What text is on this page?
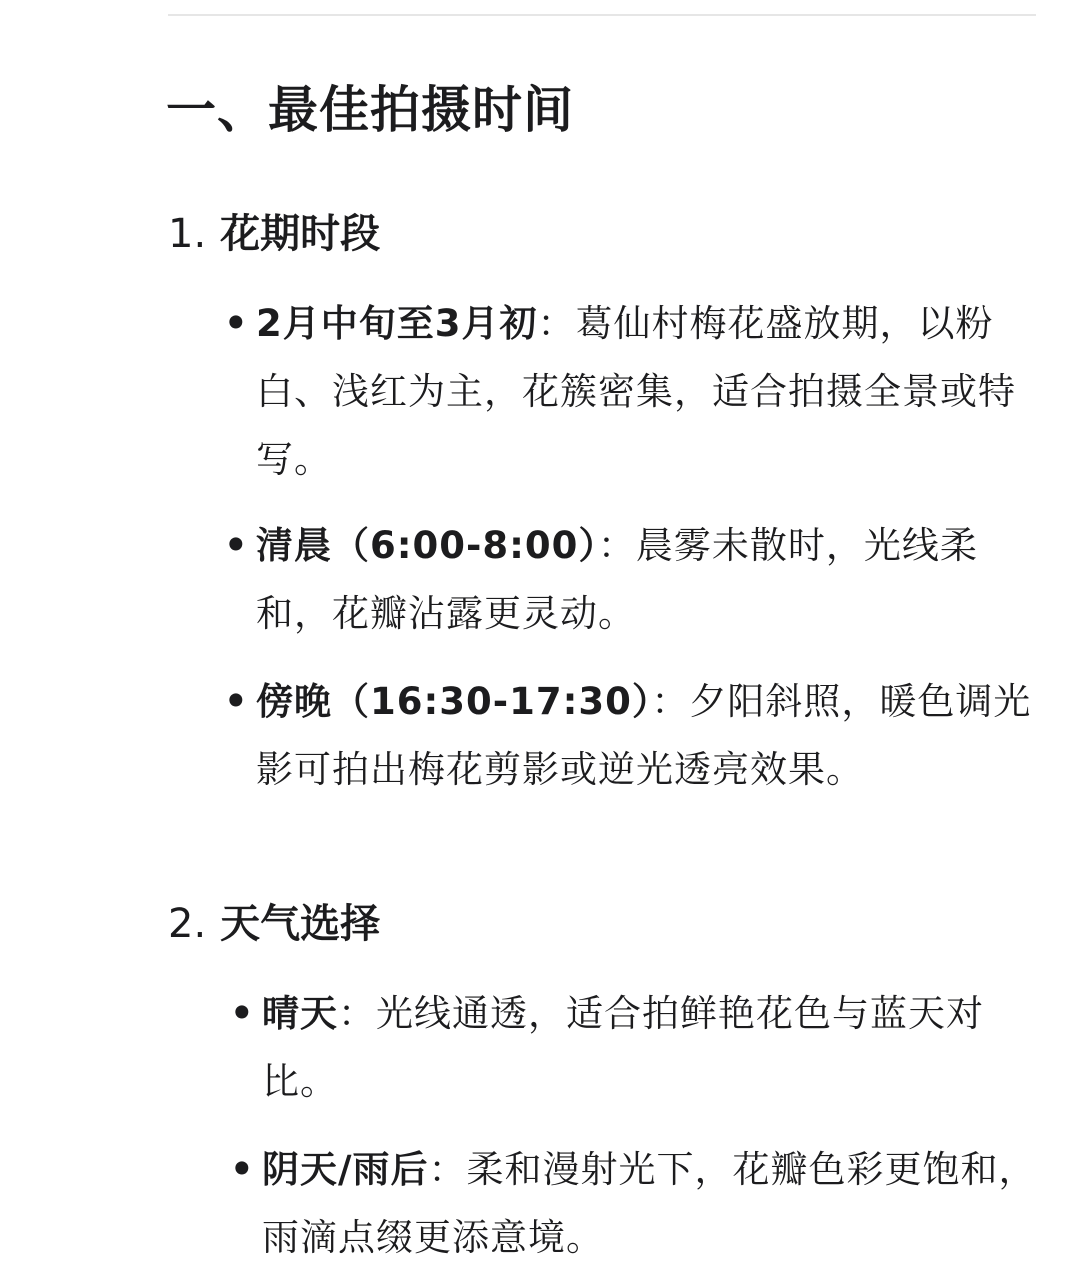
一、最佳拍摄时间
1. 花期时段
• 2月中旬至3月初：葛仙村梅花盛放期，以粉白、浅红为主，花簇密集，适合拍摄全景或特写。
• 清晨（6:00-8:00）：晨雾未散时，光线柔和，花瓣沾露更灵动。
• 傍晚（16:30-17:30）：夕阳斜照，暖色调光影可拍出梅花剪影或逆光透亮效果。
2. 天气选择
• 晴天：光线通透，适合拍鲜艳花色与蓝天对比。
• 阴天/雨后：柔和漫射光下，花瓣色彩更饱和，雨滴点缀更添意境。
